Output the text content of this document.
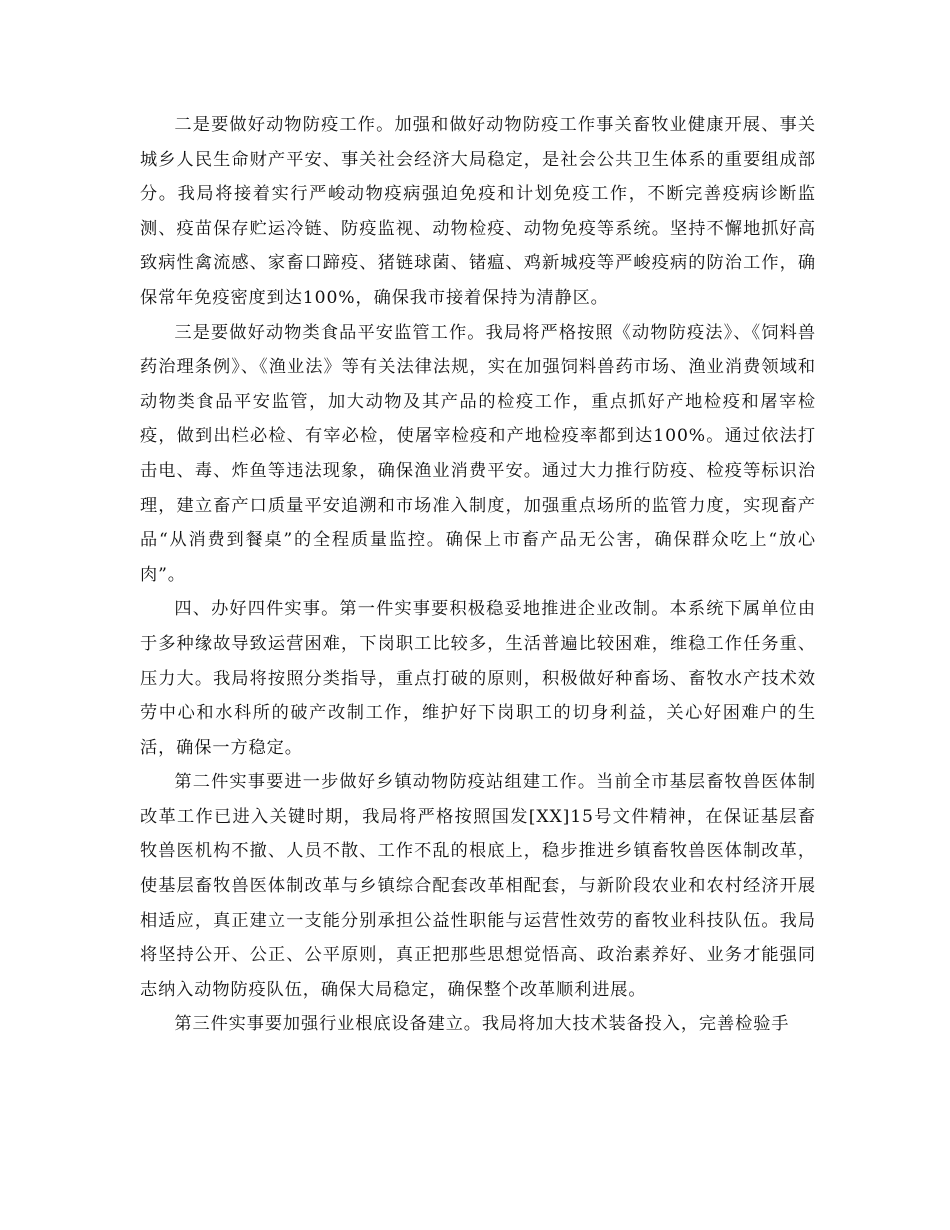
二是要做好动物防疫工作。加强和做好动物防疫工作事关畜牧业健康开展、事关城乡人民生命财产平安、事关社会经济大局稳定，是社会公共卫生体系的重要组成部分。我局将接着实行严峻动物疫病强迫免疫和计划免疫工作，不断完善疫病诊断监测、疫苗保存贮运冷链、防疫监视、动物检疫、动物免疫等系统。坚持不懈地抓好高致病性禽流感、家畜口蹄疫、猪链球菌、锗瘟、鸡新城疫等严峻疫病的防治工作，确保常年免疫密度到达100%，确保我市接着保持为清静区。

三是要做好动物类食品平安监管工作。我局将严格按照《动物防疫法》、《饲料兽药治理条例》、《渔业法》等有关法律法规，实在加强饲料兽药市场、渔业消费领域和动物类食品平安监管，加大动物及其产品的检疫工作，重点抓好产地检疫和屠宰检疫，做到出栏必检、有宰必检，使屠宰检疫和产地检疫率都到达100%。通过依法打击电、毒、炸鱼等违法现象，确保渔业消费平安。通过大力推行防疫、检疫等标识治理，建立畜产口质量平安追溯和市场准入制度，加强重点场所的监管力度，实现畜产品“从消费到餐桌”的全程质量监控。确保上市畜产品无公害，确保群众吃上“放心肉”。

四、办好四件实事。第一件实事要积极稳妥地推进企业改制。本系统下属单位由于多种缘故导致运营困难，下岗职工比较多，生活普遍比较困难，维稳工作任务重、压力大。我局将按照分类指导，重点打破的原则，积极做好种畜场、畜牧水产技术效劳中心和水科所的破产改制工作，维护好下岗职工的切身利益，关心好困难户的生活，确保一方稳定。

第二件实事要进一步做好乡镇动物防疫站组建工作。当前全市基层畜牧兽医体制改革工作已进入关键时期，我局将严格按照国发[XX]15号文件精神，在保证基层畜牧兽医机构不撤、人员不散、工作不乱的根底上，稳步推进乡镇畜牧兽医体制改革，使基层畜牧兽医体制改革与乡镇综合配套改革相配套，与新阶段农业和农村经济开展相适应，真正建立一支能分别承担公益性职能与运营性效劳的畜牧业科技队伍。我局将坚持公开、公正、公平原则，真正把那些思想觉悟高、政治素养好、业务才能强同志纳入动物防疫队伍，确保大局稳定，确保整个改革顺利进展。

第三件实事要加强行业根底设备建立。我局将加大技术装备投入，完善检验手
